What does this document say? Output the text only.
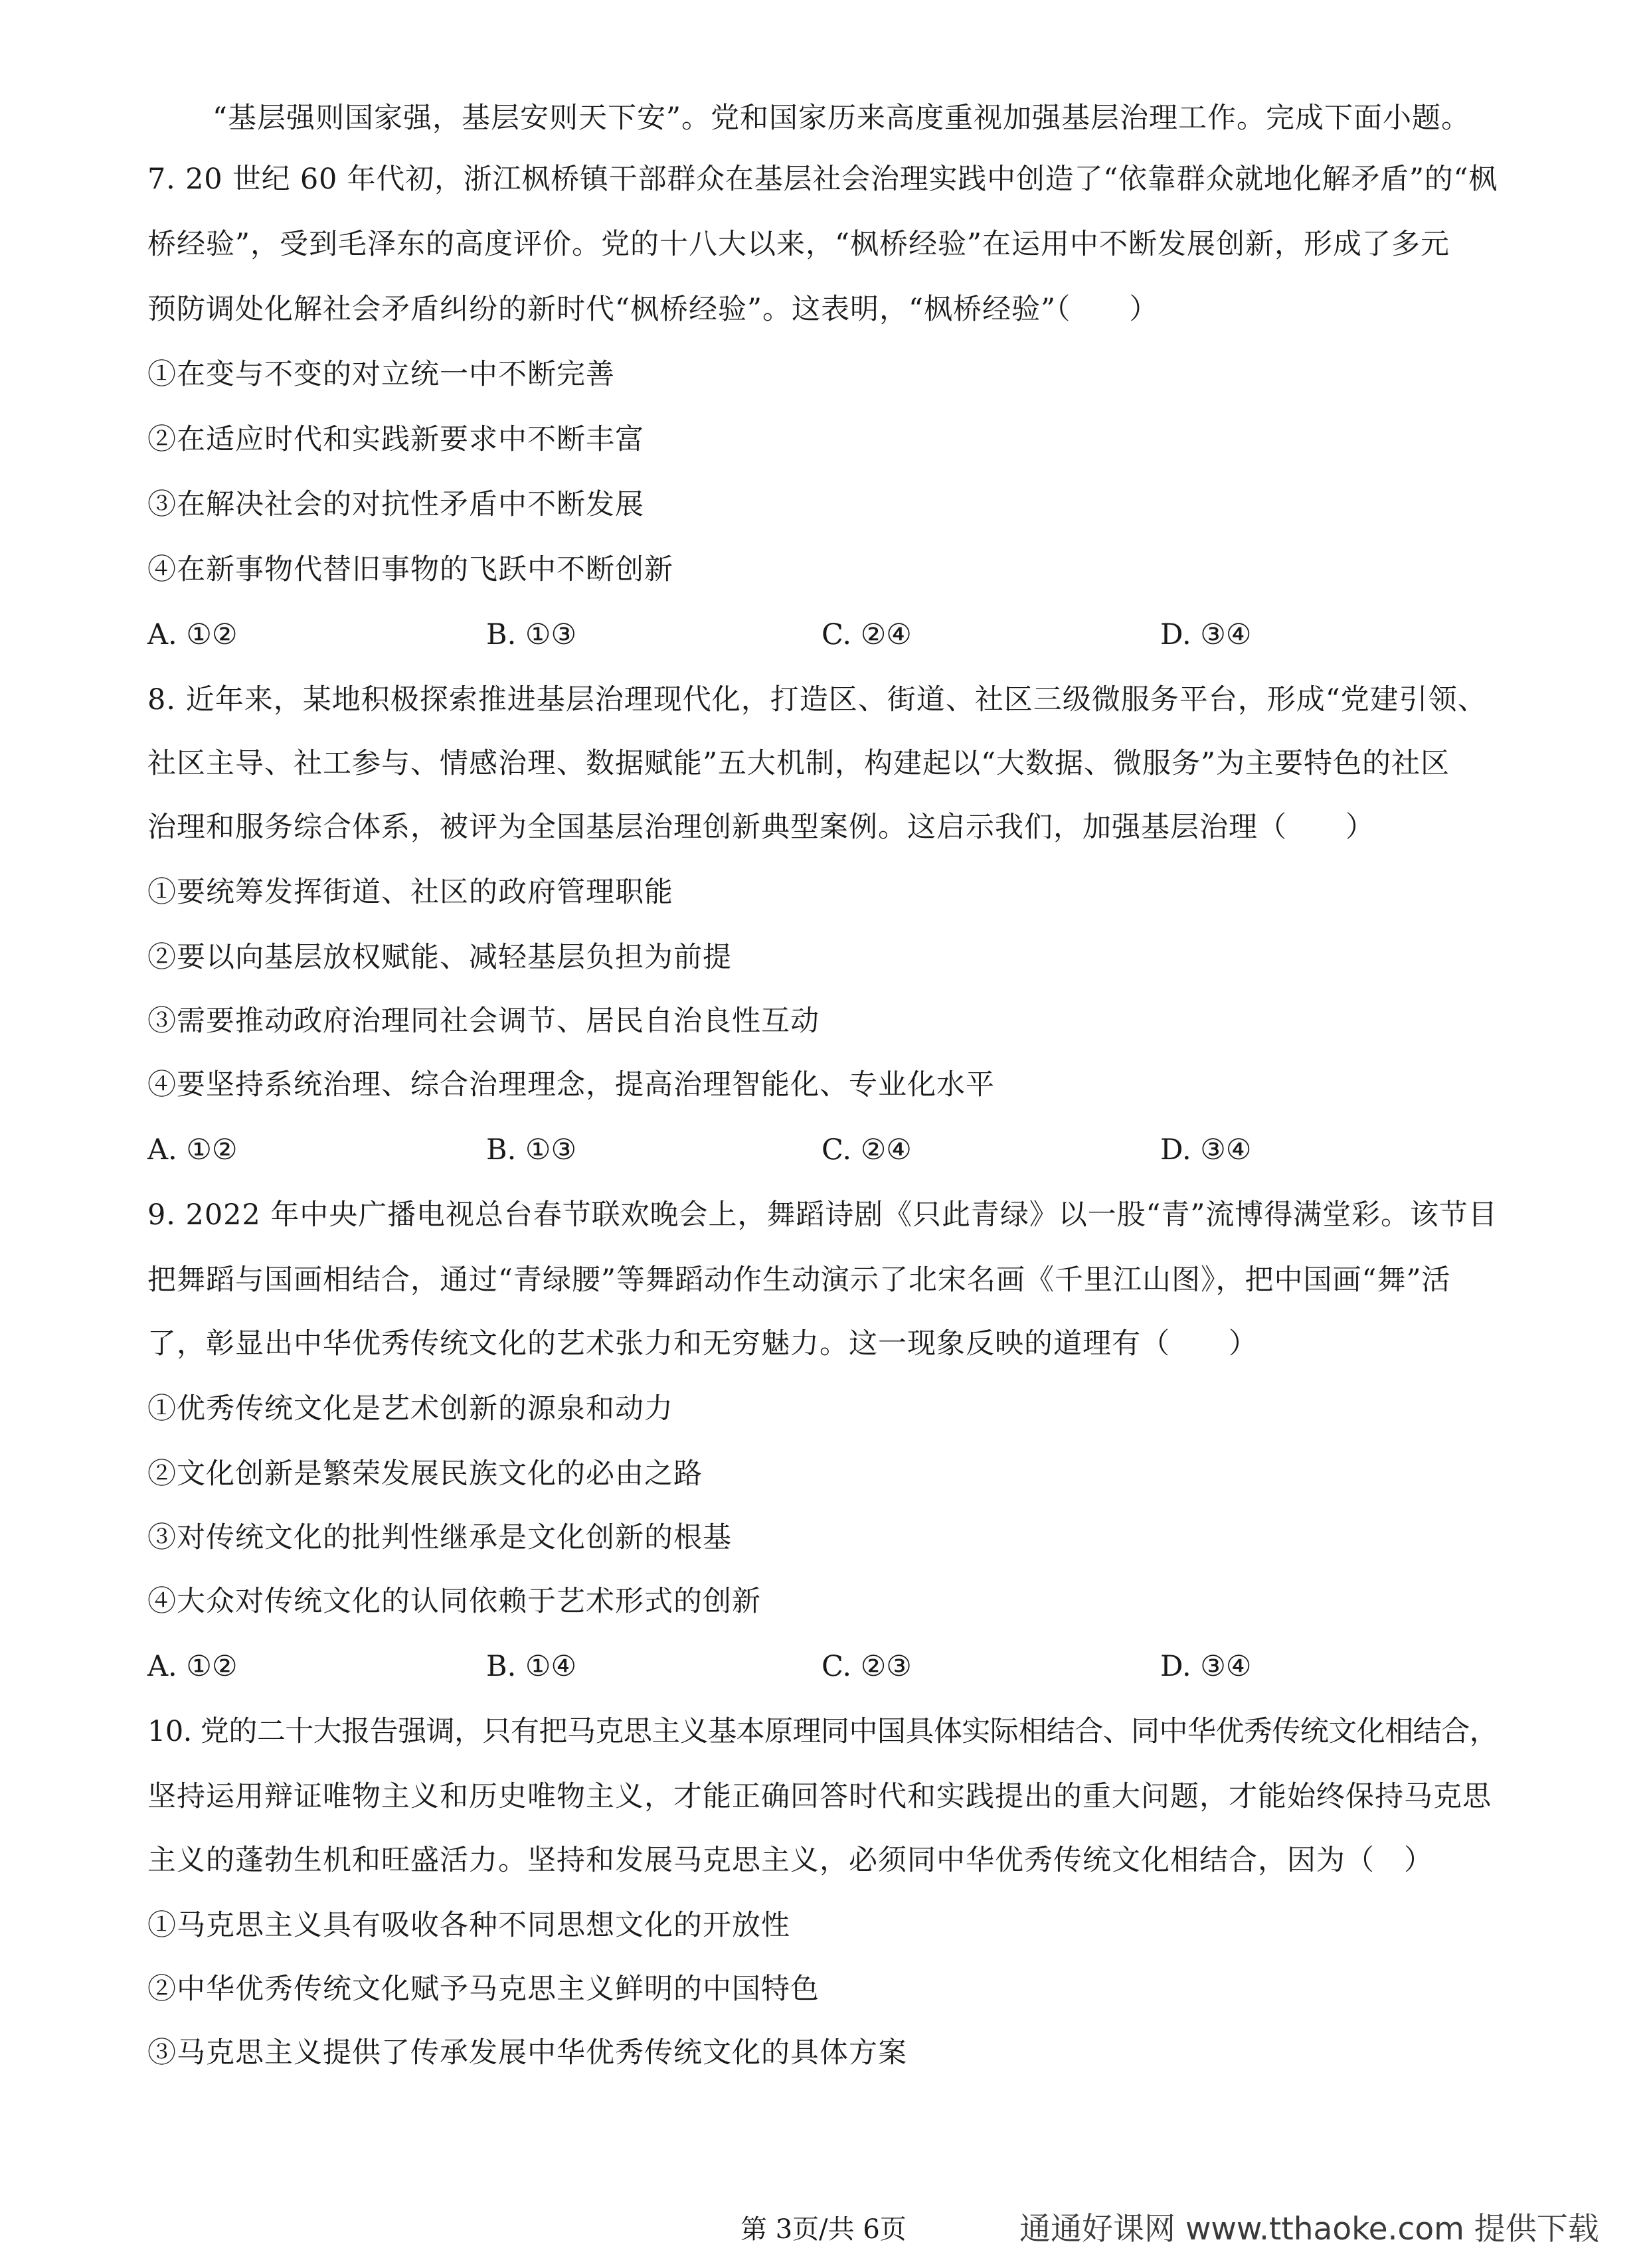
“基层强则国家强，基层安则天下安”。党和国家历来高度重视加强基层治理工作。完成下面小题。
7. 20 世纪 60 年代初，浙江枫桥镇干部群众在基层社会治理实践中创造了“依靠群众就地化解矛盾”的“枫
桥经验”，受到毛泽东的高度评价。党的十八大以来，“枫桥经验”在运用中不断发展创新，形成了多元
预防调处化解社会矛盾纠纷的新时代“枫桥经验”。这表明，“枫桥经验”（　　）
①在变与不变的对立统一中不断完善
②在适应时代和实践新要求中不断丰富
③在解决社会的对抗性矛盾中不断发展
④在新事物代替旧事物的飞跃中不断创新
A. ①②	B. ①③	C. ②④	D. ③④
8. 近年来，某地积极探索推进基层治理现代化，打造区、街道、社区三级微服务平台，形成“党建引领、
社区主导、社工参与、情感治理、数据赋能”五大机制，构建起以“大数据、微服务”为主要特色的社区
治理和服务综合体系，被评为全国基层治理创新典型案例。这启示我们，加强基层治理（　　）
①要统筹发挥街道、社区的政府管理职能
②要以向基层放权赋能、减轻基层负担为前提
③需要推动政府治理同社会调节、居民自治良性互动
④要坚持系统治理、综合治理理念，提高治理智能化、专业化水平
A. ①②	B. ①③	C. ②④	D. ③④
9. 2022 年中央广播电视总台春节联欢晚会上，舞蹈诗剧《只此青绿》以一股“青”流博得满堂彩。该节目
把舞蹈与国画相结合，通过“青绿腰”等舞蹈动作生动演示了北宋名画《千里江山图》，把中国画“舞”活
了，彰显出中华优秀传统文化的艺术张力和无穷魅力。这一现象反映的道理有（　　）
①优秀传统文化是艺术创新的源泉和动力
②文化创新是繁荣发展民族文化的必由之路
③对传统文化的批判性继承是文化创新的根基
④大众对传统文化的认同依赖于艺术形式的创新
A. ①②	B. ①④	C. ②③	D. ③④
10. 党的二十大报告强调，只有把马克思主义基本原理同中国具体实际相结合、同中华优秀传统文化相结合，
坚持运用辩证唯物主义和历史唯物主义，才能正确回答时代和实践提出的重大问题，才能始终保持马克思
主义的蓬勃生机和旺盛活力。坚持和发展马克思主义，必须同中华优秀传统文化相结合，因为（　）
①马克思主义具有吸收各种不同思想文化的开放性
②中华优秀传统文化赋予马克思主义鲜明的中国特色
③马克思主义提供了传承发展中华优秀传统文化的具体方案
第 3页/共 6页	通通好课网 www.tthaoke.com 提供下载
